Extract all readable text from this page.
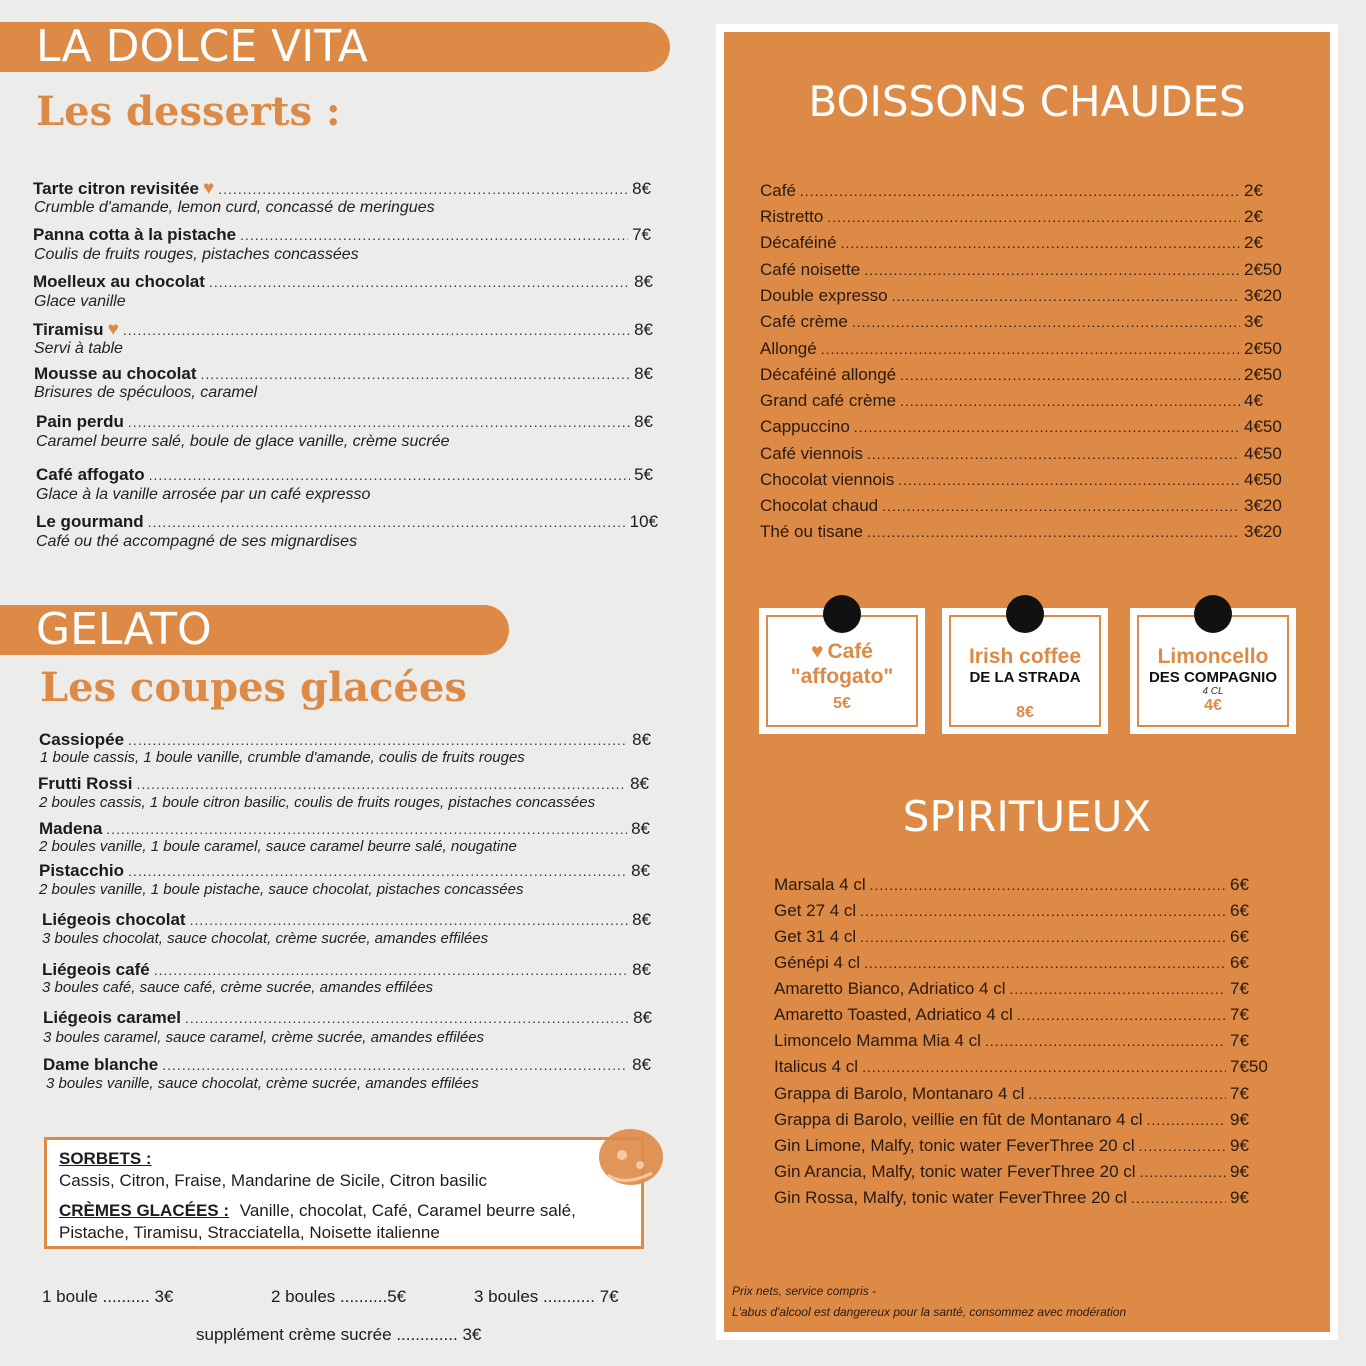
LA DOLCE VITA
Les desserts :
Tarte citron revisitée ♥ .....	8€
Crumble d'amande, lemon curd, concassé de meringues
Panna cotta à la pistache .....	7€
Coulis de fruits rouges, pistaches concassées
Moelleux au chocolat .....	8€
Glace vanille
Tiramisu ♥ .....	8€
Servi à table
Mousse au chocolat .....	8€
Brisures de spéculoos, caramel
Pain perdu .....	8€
Caramel beurre salé, boule de glace vanille, crème sucrée
Café affogato .....	5€
Glace à la vanille arrosée par un café expresso
Le gourmand .....	10€
Café ou thé accompagné de ses mignardises
GELATO
Les coupes glacées
Cassiopée .....	8€
1 boule cassis, 1 boule vanille, crumble d'amande, coulis de fruits rouges
Frutti Rossi .....	8€
2 boules cassis, 1 boule citron basilic, coulis de fruits rouges, pistaches concassées
Madena .....	8€
2 boules vanille, 1 boule caramel, sauce caramel beurre salé, nougatine
Pistacchio .....	8€
2 boules vanille, 1 boule pistache, sauce chocolat, pistaches concassées
Liégeois chocolat .....	8€
3 boules chocolat, sauce chocolat, crème sucrée, amandes effilées
Liégeois café .....	8€
3 boules café, sauce café, crème sucrée, amandes effilées
Liégeois caramel .....	8€
3 boules caramel, sauce caramel, crème sucrée, amandes effilées
Dame blanche .....	8€
3 boules vanille, sauce chocolat, crème sucrée, amandes effilées
SORBETS :
Cassis, Citron, Fraise, Mandarine de Sicile, Citron basilic
CRÈMES GLACÉES : Vanille, chocolat, Café, Caramel beurre salé,
Pistache, Tiramisu, Stracciatella, Noisette italienne
1 boule .......... 3€	2 boules ..........5€	3 boules ........... 7€
supplément crème sucrée ............. 3€
BOISSONS CHAUDES
Café .....	2€
Ristretto .....	2€
Décaféiné .....	2€
Café noisette .....	2€50
Double expresso .....	3€20
Café crème .....	3€
Allongé .....	2€50
Décaféiné allongé .....	2€50
Grand café crème .....	4€
Cappuccino .....	4€50
Café viennois .....	4€50
Chocolat viennois .....	4€50
Chocolat chaud .....	3€20
Thé ou tisane .....	3€20
♥ Café
"affogato"
5€
Irish coffee
DE LA STRADA
8€
Limoncello
DES COMPAGNIO
4 CL
4€
SPIRITUEUX
Marsala 4 cl .....	6€
Get 27 4 cl .....	6€
Get 31 4 cl .....	6€
Génépi 4 cl .....	6€
Amaretto Bianco, Adriatico 4 cl .....	7€
Amaretto Toasted, Adriatico 4 cl .....	7€
Limoncelo Mamma Mia 4 cl .....	7€
Italicus 4 cl .....	7€50
Grappa di Barolo, Montanaro 4 cl .....	7€
Grappa di Barolo, veillie en fût de Montanaro 4 cl .....	9€
Gin Limone, Malfy, tonic water FeverThree 20 cl .....	9€
Gin Arancia, Malfy, tonic water FeverThree 20 cl .....	9€
Gin Rossa, Malfy, tonic water FeverThree 20 cl .....	9€
Prix nets, service compris -
L'abus d'alcool est dangereux pour la santé, consommez avec modération
